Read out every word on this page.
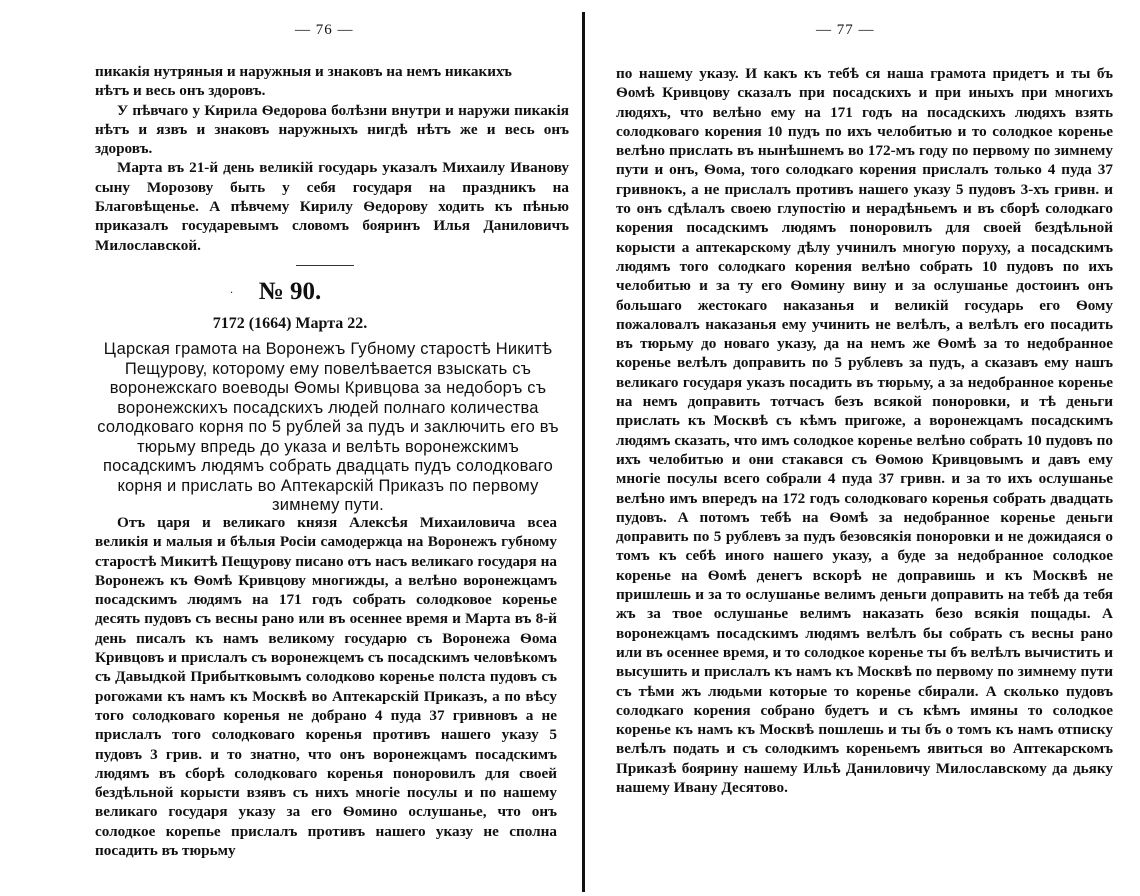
— 76 —

пикакія нутряныя и наружныя и знаковъ на немъ никакихъ

нѣтъ и весь онъ здоровъ.

У пѣвчаго у Кирила Ѳедорова болѣзни внутри и наружи пикакія нѣтъ и язвъ и знаковъ наружныхъ нигдѣ нѣтъ же и весь онъ здоровъ.

Марта въ 21-й день великій государь указалъ Михаилу Иванову сыну Морозову быть у себя государя на праздникъ на Благовѣщенье. А пѣвчему Кирилу Ѳедорову ходить къ пѣнью приказалъ государевымъ словомъ бояринъ Илья Даниловичъ Милославской.

·	№ 90.
7172 (1664) Марта 22.
Царская грамота на Воронежъ Губному старостѣ Никитѣ Пещурову, которому ему повелѣвается взыскать съ воронежскаго воеводы Ѳомы Кривцова за недоборъ съ воронежскихъ посадскихъ людей полнаго количества солодковаго корня по 5 рублей за пудъ и заключить его въ тюрьму впредь до указа и велѣть воронежскимъ посадскимъ людямъ собрать двадцать пудъ солодковаго корня и прислать во Аптекарскій Приказъ по первому зимнему пути.

Отъ царя и великаго князя Алексѣя Михаиловича всеа великія и малыя и бѣлыя Росіи самодержца на Воронежъ губному старостѣ Микитѣ Пещурову писано отъ насъ великаго государя на Воронежъ къ Ѳомѣ Кривцову многижды, а велѣно воронежцамъ посадскимъ людямъ на 171 годъ собрать солодковое коренье десять пудовъ съ весны рано или въ осеннее время и Марта въ 8-й день писалъ къ намъ великому государю съ Воронежа Ѳома Кривцовъ и прислалъ съ воронежцемъ съ посадскимъ человѣкомъ съ Давыдкой Прибытковымъ солодково коренье полста пудовъ съ рогожами къ намъ къ Москвѣ во Аптекарскій Приказъ, а по вѣсу того солодковаго коренья не добрано 4 пуда 37 гривновъ а не прислалъ того солодковаго коренья противъ нашего указу 5 пудовъ 3 грив. и то знатно, что онъ воронежцамъ посадскимъ людямъ въ сборѣ солодковаго коренья поноровилъ для своей бездѣльной корысти взявъ съ нихъ многіе посулы и по нашему великаго государя указу за его Ѳомино ослушанье, что онъ солодкое корепье прислалъ противъ нашего указу не сполна посадить въ тюрьму

— 77 —

по нашему указу. И какъ къ тебѣ ся наша грамота придетъ и ты бъ Ѳомѣ Кривцову сказалъ при посадскихъ и при иныхъ при многихъ людяхъ, что велѣно ему на 171 годъ на посадскихъ людяхъ взять солодковаго корения 10 пудъ по ихъ челобитью и то солодкое кореньe велѣно прислать въ нынѣшнемъ во 172-мъ году по первому по зимнему пути и онъ, Ѳома, того солодкаго корения прислалъ только 4 пуда 37 гривнокъ, а не прислалъ противъ нашего указу 5 пудовъ 3-хъ гривн. и то онъ сдѣлалъ своею глупостію и нерадѣньемъ и въ сборѣ солодкаго корения посадскимъ людямъ поноровилъ для своей бездѣльной корысти а аптекарскому дѣлу учинилъ многую поруху, а посадскимъ людямъ того солодкаго корения велѣно собрать 10 пудовъ по ихъ челобитью и за ту его Ѳомину вину и за ослушаньe достоинъ онъ большаго жестокаго наказанья и великій государь его Ѳому пожаловалъ наказанья ему учинить не велѣлъ, а велѣлъ его посадить въ тюрьму до новаго указу, да на немъ же Ѳомѣ за то недобранное кореньe велѣлъ доправить по 5 рублевъ за пудъ, а сказавъ ему нашъ великаго государя указъ посадить въ тюрьму, а за недобранное кореньe на немъ доправить тотчасъ безъ всякой поноровки, и тѣ деньги прислать къ Москвѣ съ кѣмъ пригоже, а воронежцамъ посадскимъ людямъ сказать, что имъ солодкое кореньe велѣно собрать 10 пудовъ по ихъ челобитью и они стакався съ Ѳомою Кривцовымъ и давъ ему многіе посулы всего собрали 4 пуда 37 гривн. и за то ихъ ослушаньe велѣно имъ впередъ на 172 годъ солодковаго коренья собрать двадцать пудовъ. А потомъ тебѣ на Ѳомѣ за недобранное кореньe деньги доправить по 5 рублевъ за пудъ безовсякія поноровки и не дожидаяся о томъ къ себѣ иного нашего указу, а буде за недобранное солодкое кореньe на Ѳомѣ денегъ вскорѣ не доправишь и къ Москвѣ не пришлешь и за то ослушаньe велимъ деньги доправить на тебѣ да тебя жъ за твое ослушаньe велимъ наказать безо всякія пощады. А воронежцамъ посадскимъ людямъ велѣлъ бы собрать съ весны рано или въ осеннее время, и то солодкое кореньe ты бъ велѣлъ вычистить и высушить и прислалъ къ намъ къ Москвѣ по первому по зимнему пути съ тѣми жъ людьми которые то кореньe сбирали. А сколько пудовъ солодкаго корения собрано будетъ и съ кѣмъ имяны то солодкое кореньe къ намъ къ Москвѣ пошлешь и ты бъ о томъ къ намъ отписку велѣлъ подать и съ солодкимъ кореньемъ явиться во Аптекарскомъ Приказѣ боярину нашему Ильѣ Даниловичу Милославскому да дьяку нашему Ивану Десятово.
